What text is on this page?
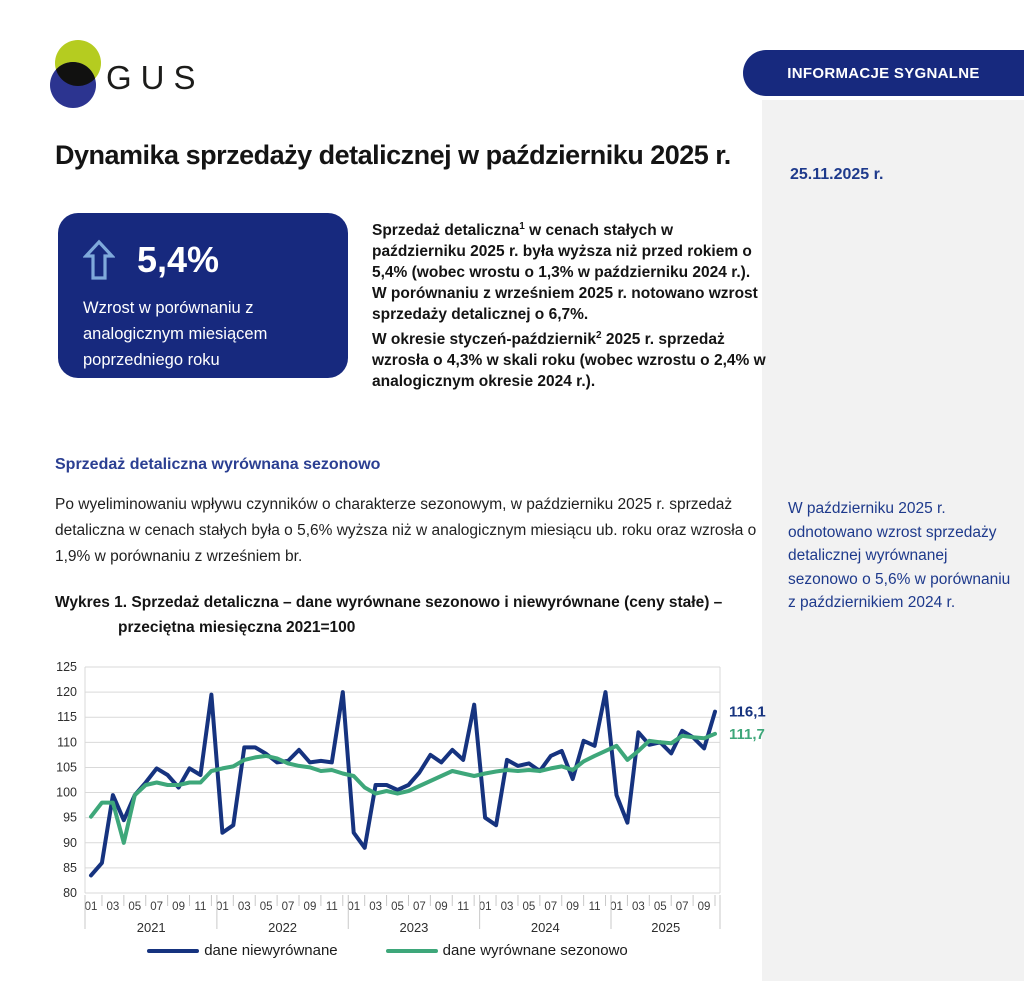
GUS	INFORMACJE SYGNALNE
25.11.2025 r.
Dynamika sprzedaży detalicznej w październiku 2025 r.
5,4%
Wzrost w porównaniu z analogicznym miesiącem poprzedniego roku
Sprzedaż detaliczna$^1$ w cenach stałych w październiku 2025 r. była wyższa niż przed rokiem o 5,4% (wobec wrostu o 1,3% w październiku 2024 r.). W porównaniu z wrześniem 2025 r. notowano wzrost sprzedaży detalicznej o 6,7%.
W okresie styczeń-październik$^2$ 2025 r. sprzedaż wzrosła o 4,3% w skali roku (wobec wzrostu o 2,4% w analogicznym okresie 2024 r.).
Sprzedaż detaliczna wyrównana sezonowo
Po wyeliminowaniu wpływu czynników o charakterze sezonowym, w październiku 2025 r. sprzedaż detaliczna w cenach stałych była o 5,6% wyższa niż w analogicznym miesiącu ub. roku oraz wzrosła o 1,9% w porównaniu z wrześniem br.
W październiku 2025 r. odnotowano wzrost sprzedaży detalicznej wyrównanej sezonowo o 5,6% w porównaniu z październikiem 2024 r.
Wykres 1. Sprzedaż detaliczna – dane wyrównane sezonowo i niewyrównane (ceny stałe) –
przeciętna miesięczna 2021=100
80
85
90
95
100
105
110
115
120
125
01 03 05 07 09 11 01 03 05 07 09 11 01 03 05 07 09 11 01 03 05 07 09 11 01 03 05 07 09
2021	2022	2023	2024	2025
116,1
111,7
dane niewyrównane	dane wyrównane sezonowo
